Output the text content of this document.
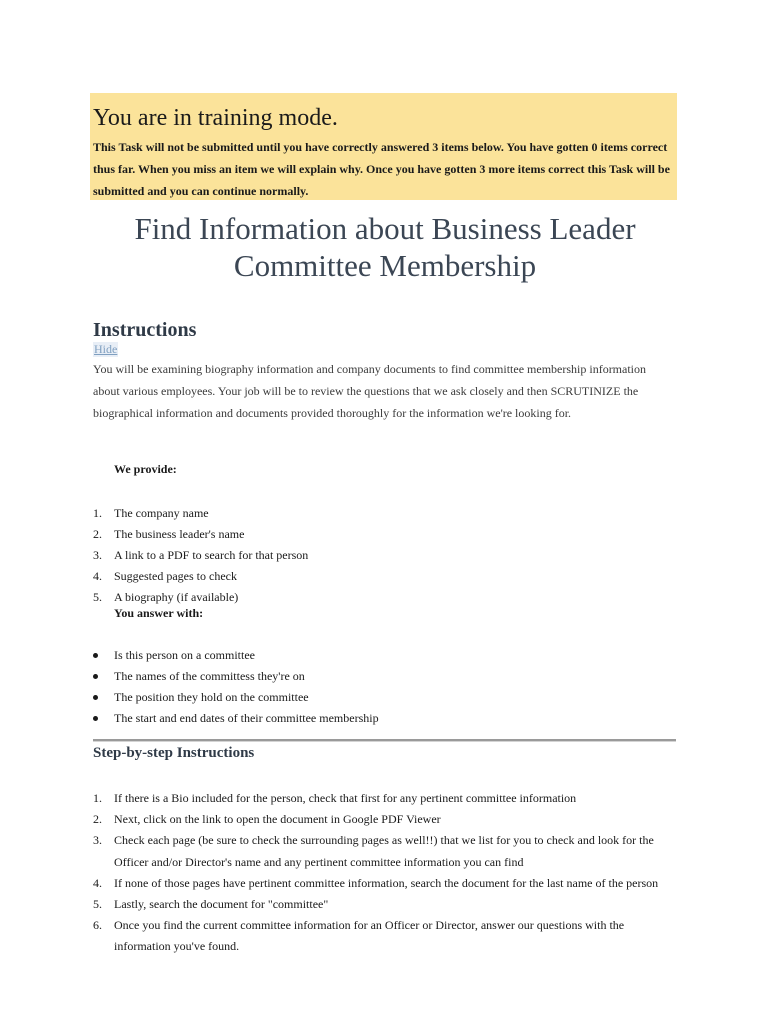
You are in training mode.
This Task will not be submitted until you have correctly answered 3 items below. You have gotten 0 items correct thus far. When you miss an item we will explain why. Once you have gotten 3 more items correct this Task will be submitted and you can continue normally.
Find Information about Business Leader Committee Membership
Instructions
Hide
You will be examining biography information and company documents to find committee membership information about various employees. Your job will be to review the questions that we ask closely and then SCRUTINIZE the biographical information and documents provided thoroughly for the information we're looking for.
We provide:
1.	The company name
2.	The business leader's name
3.	A link to a PDF to search for that person
4.	Suggested pages to check
5.	A biography (if available)
You answer with:
Is this person on a committee
The names of the committess they're on
The position they hold on the committee
The start and end dates of their committee membership
Step-by-step Instructions
1.	If there is a Bio included for the person, check that first for any pertinent committee information
2.	Next, click on the link to open the document in Google PDF Viewer
3.	Check each page (be sure to check the surrounding pages as well!!) that we list for you to check and look for the Officer and/or Director's name and any pertinent committee information you can find
4.	If none of those pages have pertinent committee information, search the document for the last name of the person
5.	Lastly, search the document for "committee"
6.	Once you find the current committee information for an Officer or Director, answer our questions with the information you've found.
